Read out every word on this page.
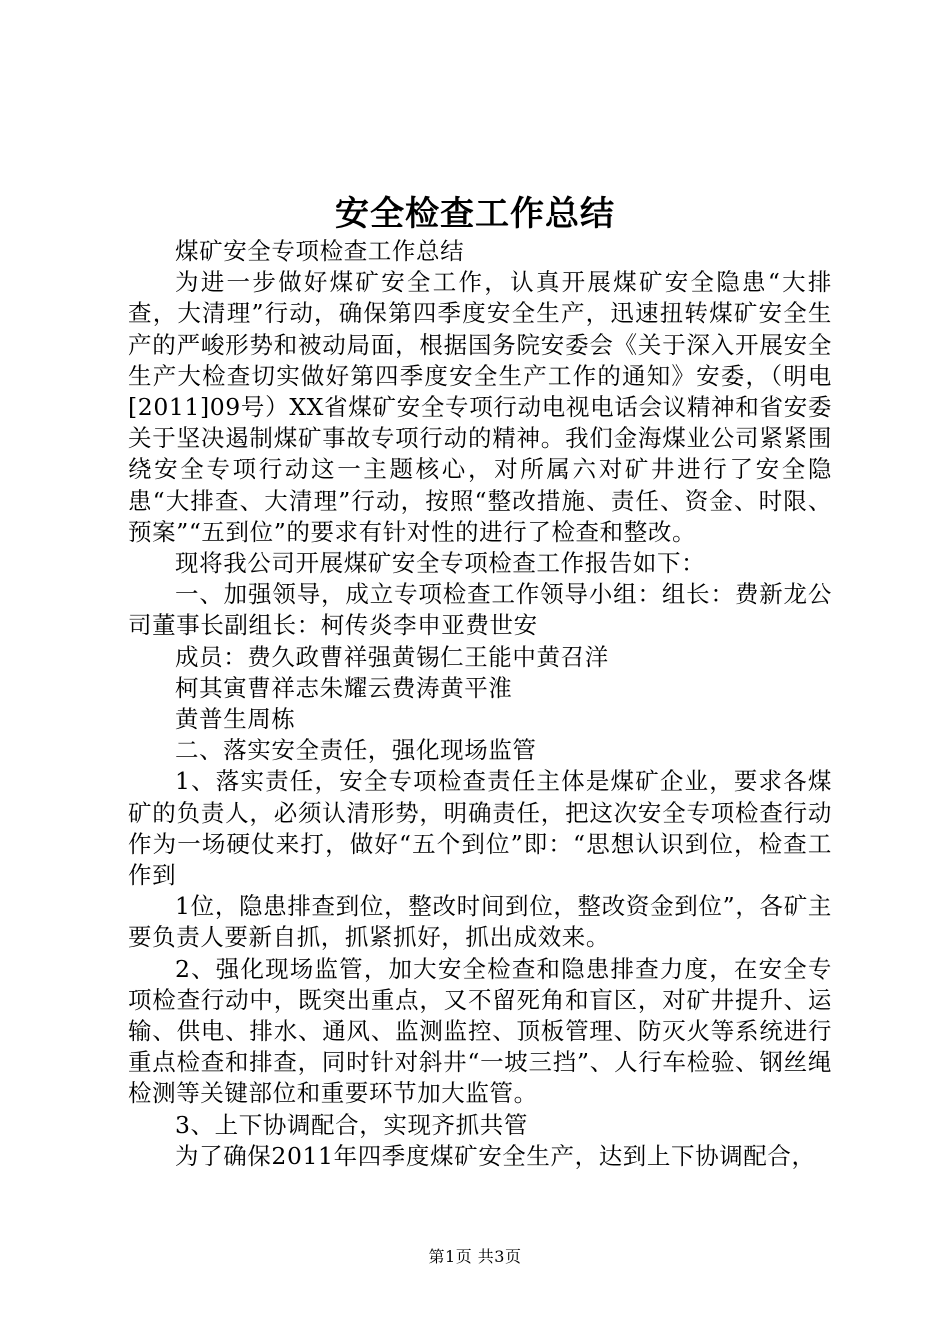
安全检查工作总结

煤矿安全专项检查工作总结

为进一步做好煤矿安全工作，认真开展煤矿安全隐患“大排查，大清理”行动，确保第四季度安全生产，迅速扭转煤矿安全生产的严峻形势和被动局面，根据国务院安委会《关于深入开展安全生产大检查切实做好第四季度安全生产工作的通知》安委，（明电[2011]09号）XX省煤矿安全专项行动电视电话会议精神和省安委关于坚决遏制煤矿事故专项行动的精神。我们金海煤业公司紧紧围绕安全专项行动这一主题核心，对所属六对矿井进行了安全隐患“大排查、大清理”行动，按照“整改措施、责任、资金、时限、预案”“五到位”的要求有针对性的进行了检查和整改。

现将我公司开展煤矿安全专项检查工作报告如下：

一、加强领导，成立专项检查工作领导小组：组长：费新龙公司董事长副组长：柯传炎李申亚费世安

成员：费久政曹祥强黄锡仁王能中黄召洋

柯其寅曹祥志朱耀云费涛黄平淮

黄普生周栋

二、落实安全责任，强化现场监管

1、落实责任，安全专项检查责任主体是煤矿企业，要求各煤矿的负责人，必须认清形势，明确责任，把这次安全专项检查行动作为一场硬仗来打，做好“五个到位”即：“思想认识到位，检查工作到

1位，隐患排查到位，整改时间到位，整改资金到位”，各矿主要负责人要新自抓，抓紧抓好，抓出成效来。

2、强化现场监管，加大安全检查和隐患排查力度，在安全专项检查行动中，既突出重点，又不留死角和盲区，对矿井提升、运输、供电、排水、通风、监测监控、顶板管理、防灭火等系统进行重点检查和排查，同时针对斜井“一坡三挡”、人行车检验、钢丝绳检测等关键部位和重要环节加大监管。

3、上下协调配合，实现齐抓共管

为了确保2011年四季度煤矿安全生产，达到上下协调配合，

第1页 共3页
